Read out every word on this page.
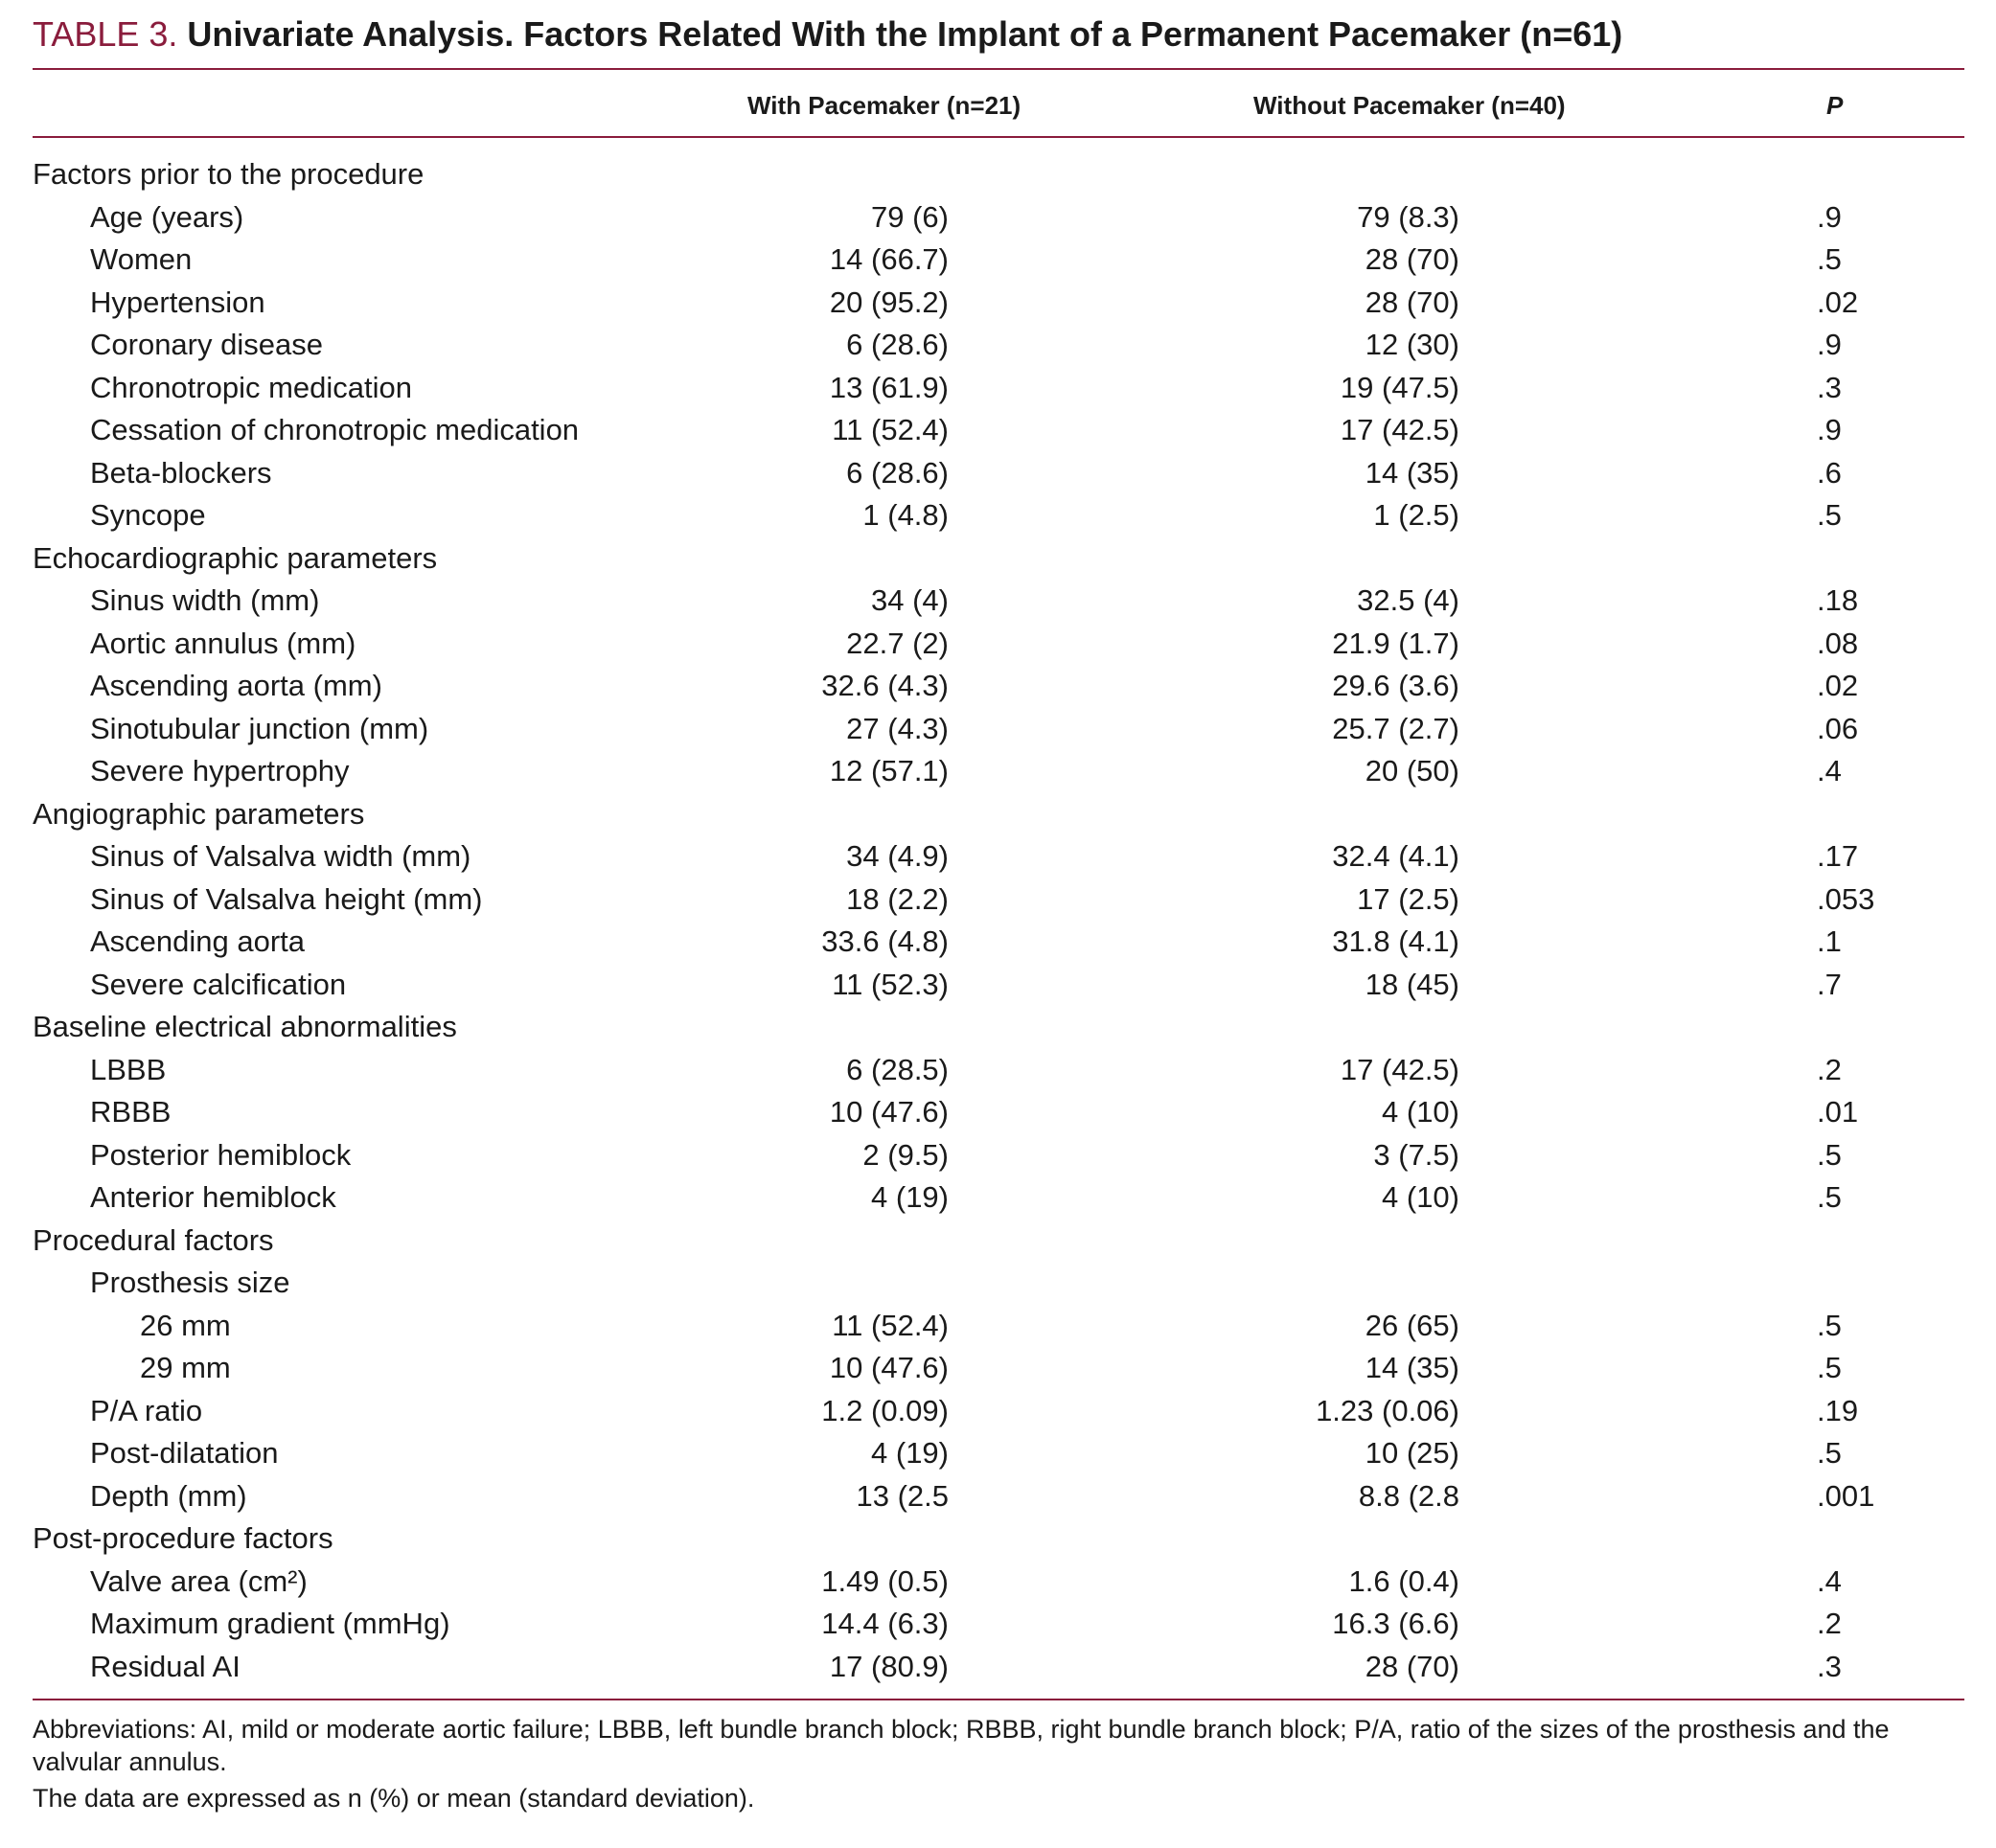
TABLE 3. Univariate Analysis. Factors Related With the Implant of a Permanent Pacemaker (n=61)
With Pacemaker (n=21)	Without Pacemaker (n=40)	P
Factors prior to the procedure
Age (years)	79 (6)	79 (8.3)	.9
Women	14 (66.7)	28 (70)	.5
Hypertension	20 (95.2)	28 (70)	.02
Coronary disease	6 (28.6)	12 (30)	.9
Chronotropic medication	13 (61.9)	19 (47.5)	.3
Cessation of chronotropic medication	11 (52.4)	17 (42.5)	.9
Beta-blockers	6 (28.6)	14 (35)	.6
Syncope	1 (4.8)	1 (2.5)	.5
Echocardiographic parameters
Sinus width (mm)	34 (4)	32.5 (4)	.18
Aortic annulus (mm)	22.7 (2)	21.9 (1.7)	.08
Ascending aorta (mm)	32.6 (4.3)	29.6 (3.6)	.02
Sinotubular junction (mm)	27 (4.3)	25.7 (2.7)	.06
Severe hypertrophy	12 (57.1)	20 (50)	.4
Angiographic parameters
Sinus of Valsalva width (mm)	34 (4.9)	32.4 (4.1)	.17
Sinus of Valsalva height (mm)	18 (2.2)	17 (2.5)	.053
Ascending aorta	33.6 (4.8)	31.8 (4.1)	.1
Severe calcification	11 (52.3)	18 (45)	.7
Baseline electrical abnormalities
LBBB	6 (28.5)	17 (42.5)	.2
RBBB	10 (47.6)	4 (10)	.01
Posterior hemiblock	2 (9.5)	3 (7.5)	.5
Anterior hemiblock	4 (19)	4 (10)	.5
Procedural factors
Prosthesis size
26 mm	11 (52.4)	26 (65)	.5
29 mm	10 (47.6)	14 (35)	.5
P/A ratio	1.2 (0.09)	1.23 (0.06)	.19
Post-dilatation	4 (19)	10 (25)	.5
Depth (mm)	13 (2.5	8.8 (2.8	.001
Post-procedure factors
Valve area (cm²)	1.49 (0.5)	1.6 (0.4)	.4
Maximum gradient (mmHg)	14.4 (6.3)	16.3 (6.6)	.2
Residual AI	17 (80.9)	28 (70)	.3
Abbreviations: AI, mild or moderate aortic failure; LBBB, left bundle branch block; RBBB, right bundle branch block; P/A, ratio of the sizes of the prosthesis and the valvular annulus.
The data are expressed as n (%) or mean (standard deviation).
